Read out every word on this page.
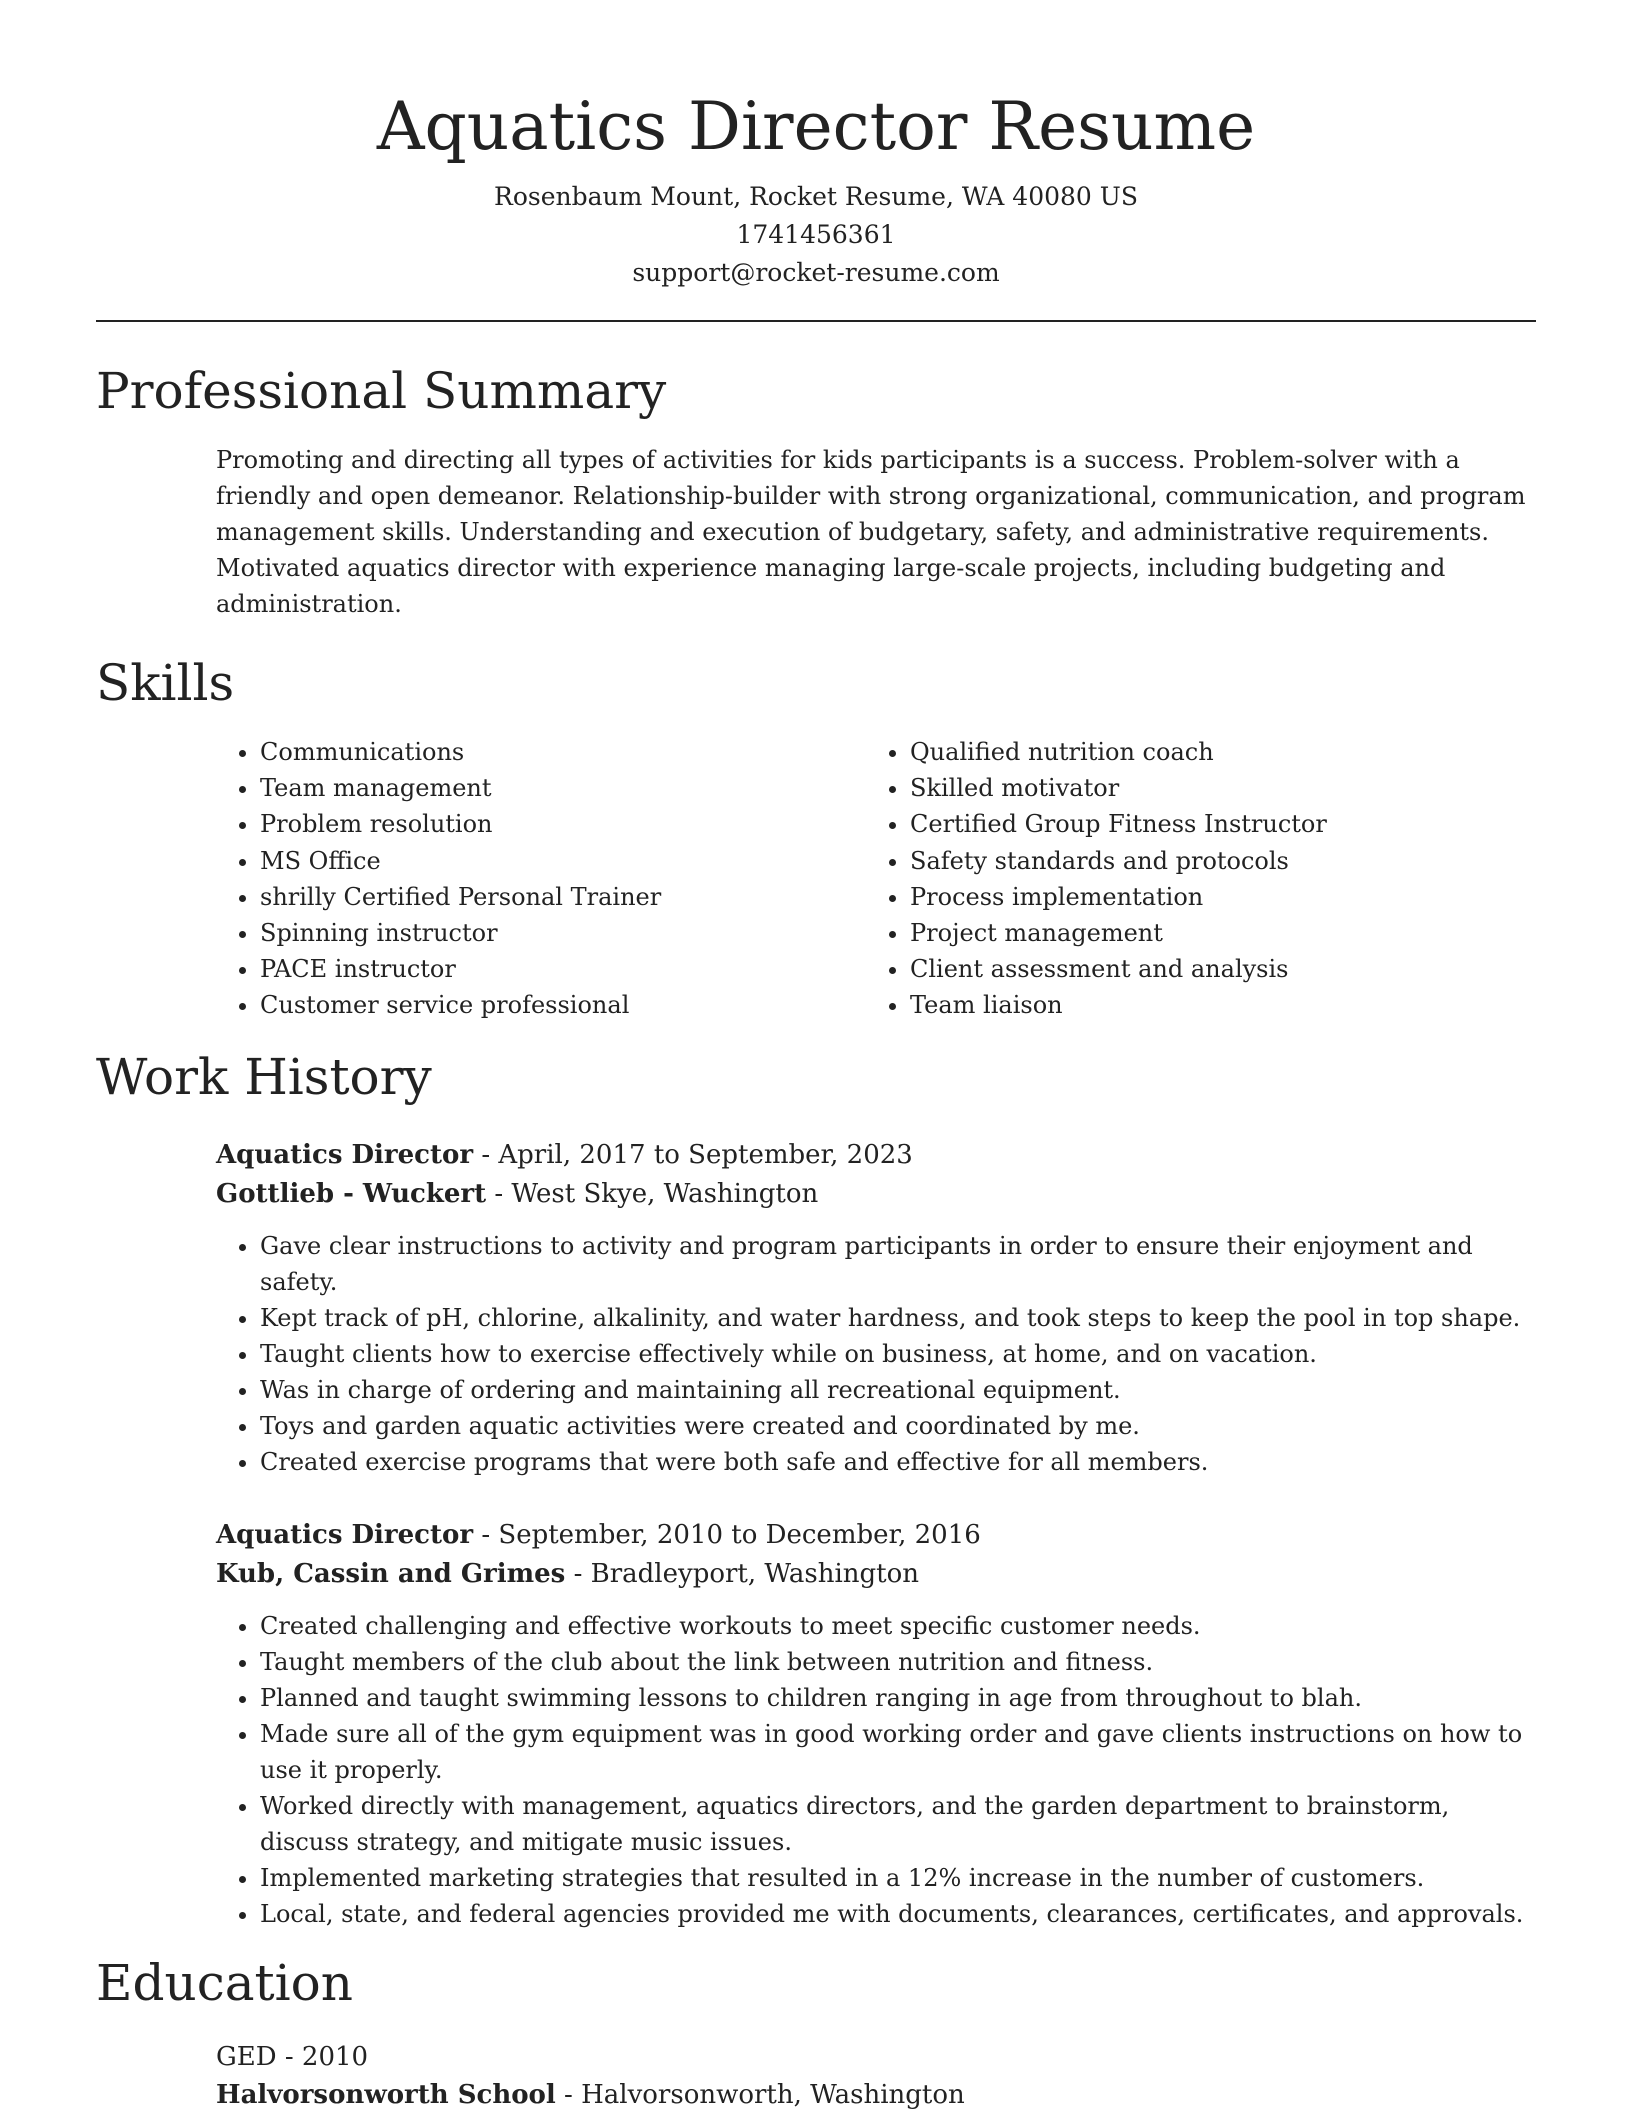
Aquatics Director Resume
Rosenbaum Mount, Rocket Resume, WA 40080 US
1741456361
support@rocket-resume.com
Professional Summary

Promoting and directing all types of activities for kids participants is a success. Problem-solver with a friendly and open demeanor. Relationship-builder with strong organizational, communication, and program management skills. Understanding and execution of budgetary, safety, and administrative requirements. Motivated aquatics director with experience managing large-scale projects, including budgeting and administration.

Skills
• Communications
• Team management
• Problem resolution
• MS Office
• shrilly Certified Personal Trainer
• Spinning instructor
• PACE instructor
• Customer service professional
• Qualified nutrition coach
• Skilled motivator
• Certified Group Fitness Instructor
• Safety standards and protocols
• Process implementation
• Project management
• Client assessment and analysis
• Team liaison
Work History
Aquatics Director - April, 2017 to September, 2023
Gottlieb - Wuckert - West Skye, Washington
• Gave clear instructions to activity and program participants in order to ensure their enjoyment and safety.
• Kept track of pH, chlorine, alkalinity, and water hardness, and took steps to keep the pool in top shape.
• Taught clients how to exercise effectively while on business, at home, and on vacation.
• Was in charge of ordering and maintaining all recreational equipment.
• Toys and garden aquatic activities were created and coordinated by me.
• Created exercise programs that were both safe and effective for all members.
Aquatics Director - September, 2010 to December, 2016
Kub, Cassin and Grimes - Bradleyport, Washington
• Created challenging and effective workouts to meet specific customer needs.
• Taught members of the club about the link between nutrition and fitness.
• Planned and taught swimming lessons to children ranging in age from throughout to blah.
• Made sure all of the gym equipment was in good working order and gave clients instructions on how to use it properly.
• Worked directly with management, aquatics directors, and the garden department to brainstorm, discuss strategy, and mitigate music issues.
• Implemented marketing strategies that resulted in a 12% increase in the number of customers.
• Local, state, and federal agencies provided me with documents, clearances, certificates, and approvals.
Education
GED - 2010
Halvorsonworth School - Halvorsonworth, Washington
